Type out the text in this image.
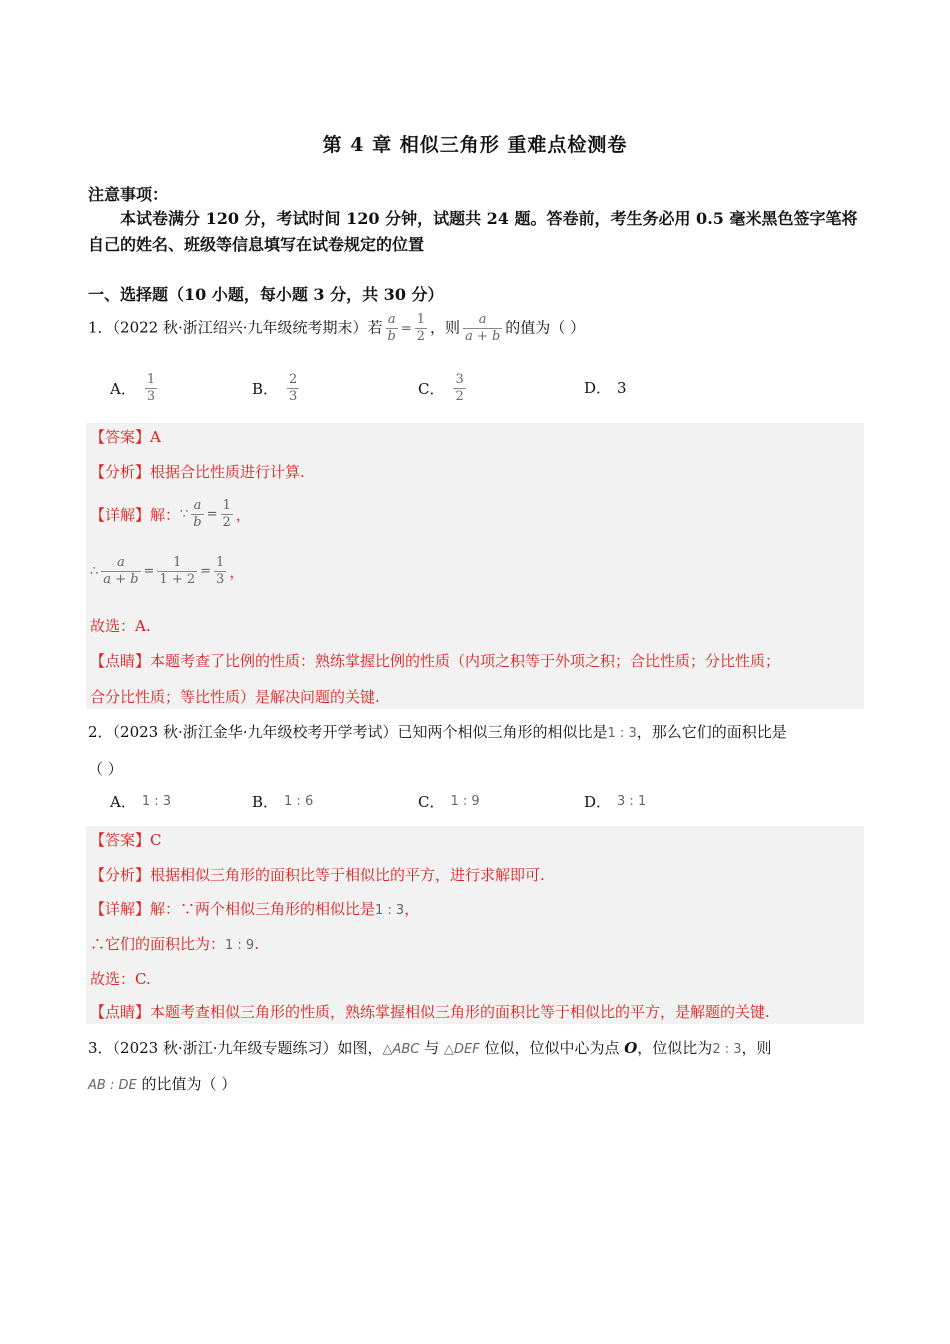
第 4 章 相似三角形 重难点检测卷
注意事项：
本试卷满分 120 分，考试时间 120 分钟，试题共 24 题。答卷前，考生务必用 0.5 毫米黑色签字笔将自己的姓名、班级等信息填写在试卷规定的位置
一、选择题（10 小题，每小题 3 分，共 30 分）
1．（2022 秋·浙江绍兴·九年级统考期末）若 $\frac{a}{b} = \frac{1}{2}$ ，则 $\frac{a}{a + b}$ 的值为（ ）
A． $\frac{1}{3}$	B． $\frac{2}{3}$	C． $\frac{3}{2}$	D． 3
【答案】A
【分析】根据合比性质进行计算.
【详解】解： ∵ $\frac{a}{b} = \frac{1}{2}$ ，
∴ $\frac{a}{a + b} = \frac{1}{1 + 2} = \frac{1}{3}$ ，
故选：A.
【点睛】本题考查了比例的性质：熟练掌握比例的性质（内项之积等于外项之积；合比性质；分比性质；
合分比性质；等比性质）是解决问题的关键.
2．（2023 秋·浙江金华·九年级校考开学考试）已知两个相似三角形的相似比是1 : 3，那么它们的面积比是
（ ）
A． 1 : 3	B． 1 : 6	C． 1 : 9	D． 3 : 1
【答案】C
【分析】根据相似三角形的面积比等于相似比的平方，进行求解即可.
【详解】解：∵两个相似三角形的相似比是1 : 3，
∴它们的面积比为：1 : 9.
故选：C.
【点睛】本题考查相似三角形的性质，熟练掌握相似三角形的面积比等于相似比的平方，是解题的关键.
3．（2023 秋·浙江·九年级专题练习）如图，△ABC 与 △DEF 位似，位似中心为点 O，位似比为2 : 3，则
AB : DE 的比值为（ ）
